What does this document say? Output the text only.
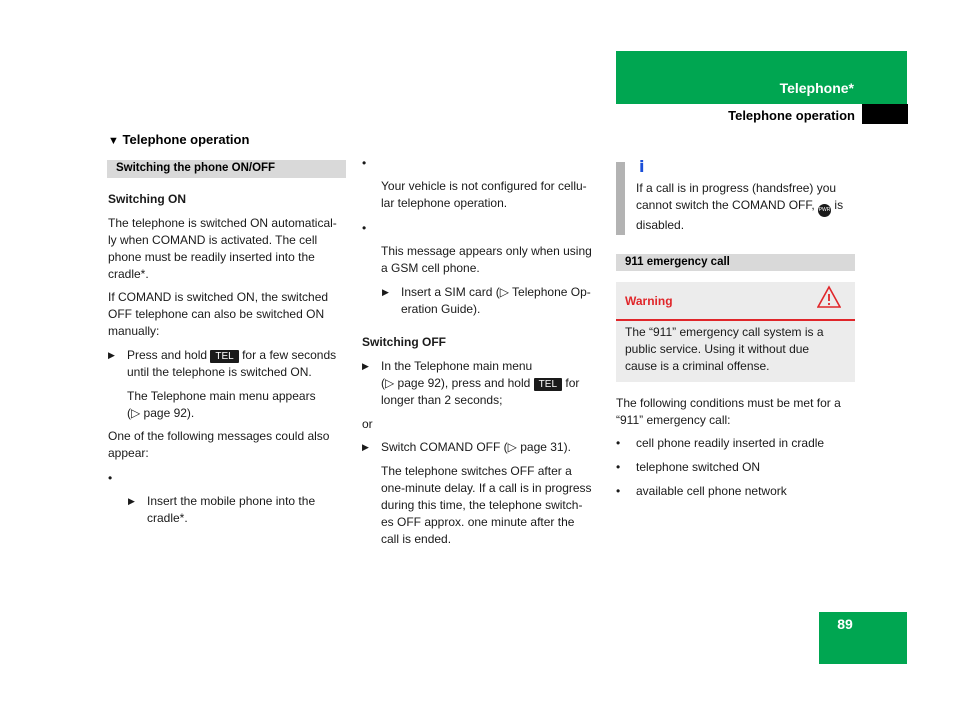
Telephone*
Telephone operation
▼ Telephone operation
Switching the phone ON/OFF
Switching ON
The telephone is switched ON automatical-
ly when COMAND is activated. The cell
phone must be readily inserted into the
cradle*.
If COMAND is switched ON, the switched
OFF telephone can also be switched ON
manually:
▶ Press and hold TEL for a few seconds
until the telephone is switched ON.
The Telephone main menu appears
(▷ page 92).
One of the following messages could also
appear:
•
▶ Insert the mobile phone into the
cradle*.
•
Your vehicle is not configured for cellu-
lar telephone operation.
•
This message appears only when using
a GSM cell phone.
▶ Insert a SIM card (▷ Telephone Op-
eration Guide).
Switching OFF
▶ In the Telephone main menu
(▷ page 92), press and hold TEL for
longer than 2 seconds;
or
▶ Switch COMAND OFF (▷ page 31).
The telephone switches OFF after a
one-minute delay. If a call is in progress
during this time, the telephone switch-
es OFF approx. one minute after the
call is ended.
i
If a call is in progress (handsfree) you
cannot switch the COMAND OFF, PWR is
disabled.
911 emergency call
Warning
The “911” emergency call system is a
public service. Using it without due
cause is a criminal offense.
The following conditions must be met for a
“911” emergency call:
• cell phone readily inserted in cradle
• telephone switched ON
• available cell phone network
89
